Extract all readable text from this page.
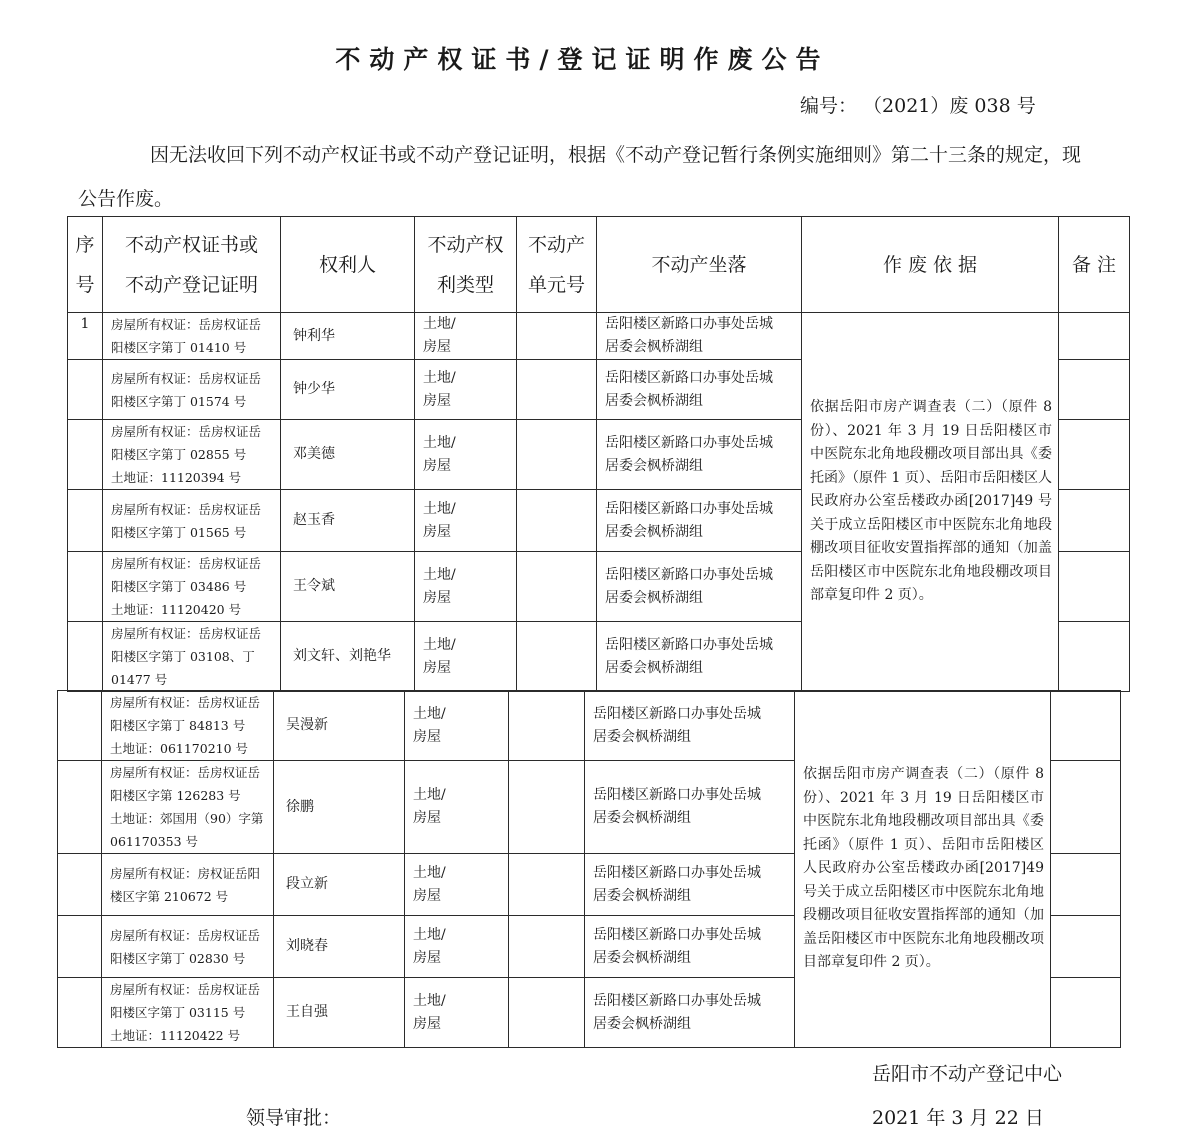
不动产权证书/登记证明作废公告
编号： （2021）废 038 号
因无法收回下列不动产权证书或不动产登记证明，根据《不动产登记暂行条例实施细则》第二十三条的规定，现公告作废。
序
号	不动产权证书或
不动产登记证明	权利人	不动产权
利类型	不动产
单元号	不动产坐落	作 废 依 据	备 注
1	房屋所有权证：岳房权证岳
阳楼区字第丁 01410 号	钟利华	土地/
房屋		岳阳楼区新路口办事处岳城
居委会枫桥湖组	依据岳阳市房产调查表（二）（原件 8 份）、2021 年 3 月 19 日岳阳楼区市中医院东北角地段棚改项目部出具《委托函》（原件 1 页）、岳阳市岳阳楼区人民政府办公室岳楼政办函[2017]49 号关于成立岳阳楼区市中医院东北角地段棚改项目征收安置指挥部的通知（加盖岳阳楼区市中医院东北角地段棚改项目部章复印件 2 页）。	

	房屋所有权证：岳房权证岳
阳楼区字第丁 01574 号	钟少华	土地/
房屋		岳阳楼区新路口办事处岳城
居委会枫桥湖组		

	房屋所有权证：岳房权证岳
阳楼区字第丁 02855 号
土地证：11120394 号	邓美德	土地/
房屋		岳阳楼区新路口办事处岳城
居委会枫桥湖组		

	房屋所有权证：岳房权证岳
阳楼区字第丁 01565 号	赵玉香	土地/
房屋		岳阳楼区新路口办事处岳城
居委会枫桥湖组		

	房屋所有权证：岳房权证岳
阳楼区字第丁 03486 号
土地证：11120420 号	王令斌	土地/
房屋		岳阳楼区新路口办事处岳城
居委会枫桥湖组		

	房屋所有权证：岳房权证岳
阳楼区字第丁 03108、丁
01477 号	刘文轩、刘艳华	土地/
房屋		岳阳楼区新路口办事处岳城
居委会枫桥湖组		

	房屋所有权证：岳房权证岳
阳楼区字第丁 84813 号
土地证：061170210 号	吴漫新	土地/
房屋		岳阳楼区新路口办事处岳城
居委会枫桥湖组	依据岳阳市房产调查表（二）（原件 8 份）、2021 年 3 月 19 日岳阳楼区市中医院东北角地段棚改项目部出具《委托函》（原件 1 页）、岳阳市岳阳楼区人民政府办公室岳楼政办函[2017]49 号关于成立岳阳楼区市中医院东北角地段棚改项目征收安置指挥部的通知（加盖岳阳楼区市中医院东北角地段棚改项目部章复印件 2 页）。	

	房屋所有权证：岳房权证岳
阳楼区字第 126283 号
土地证：郊国用（90）字第
061170353 号	徐鹏	土地/
房屋		岳阳楼区新路口办事处岳城
居委会枫桥湖组		

	房屋所有权证：房权证岳阳
楼区字第 210672 号	段立新	土地/
房屋		岳阳楼区新路口办事处岳城
居委会枫桥湖组		

	房屋所有权证：岳房权证岳
阳楼区字第丁 02830 号	刘晓春	土地/
房屋		岳阳楼区新路口办事处岳城
居委会枫桥湖组		

	房屋所有权证：岳房权证岳
阳楼区字第丁 03115 号
土地证：11120422 号	王自强	土地/
房屋		岳阳楼区新路口办事处岳城
居委会枫桥湖组		

岳阳市不动产登记中心
2021 年 3 月 22 日
领导审批：
